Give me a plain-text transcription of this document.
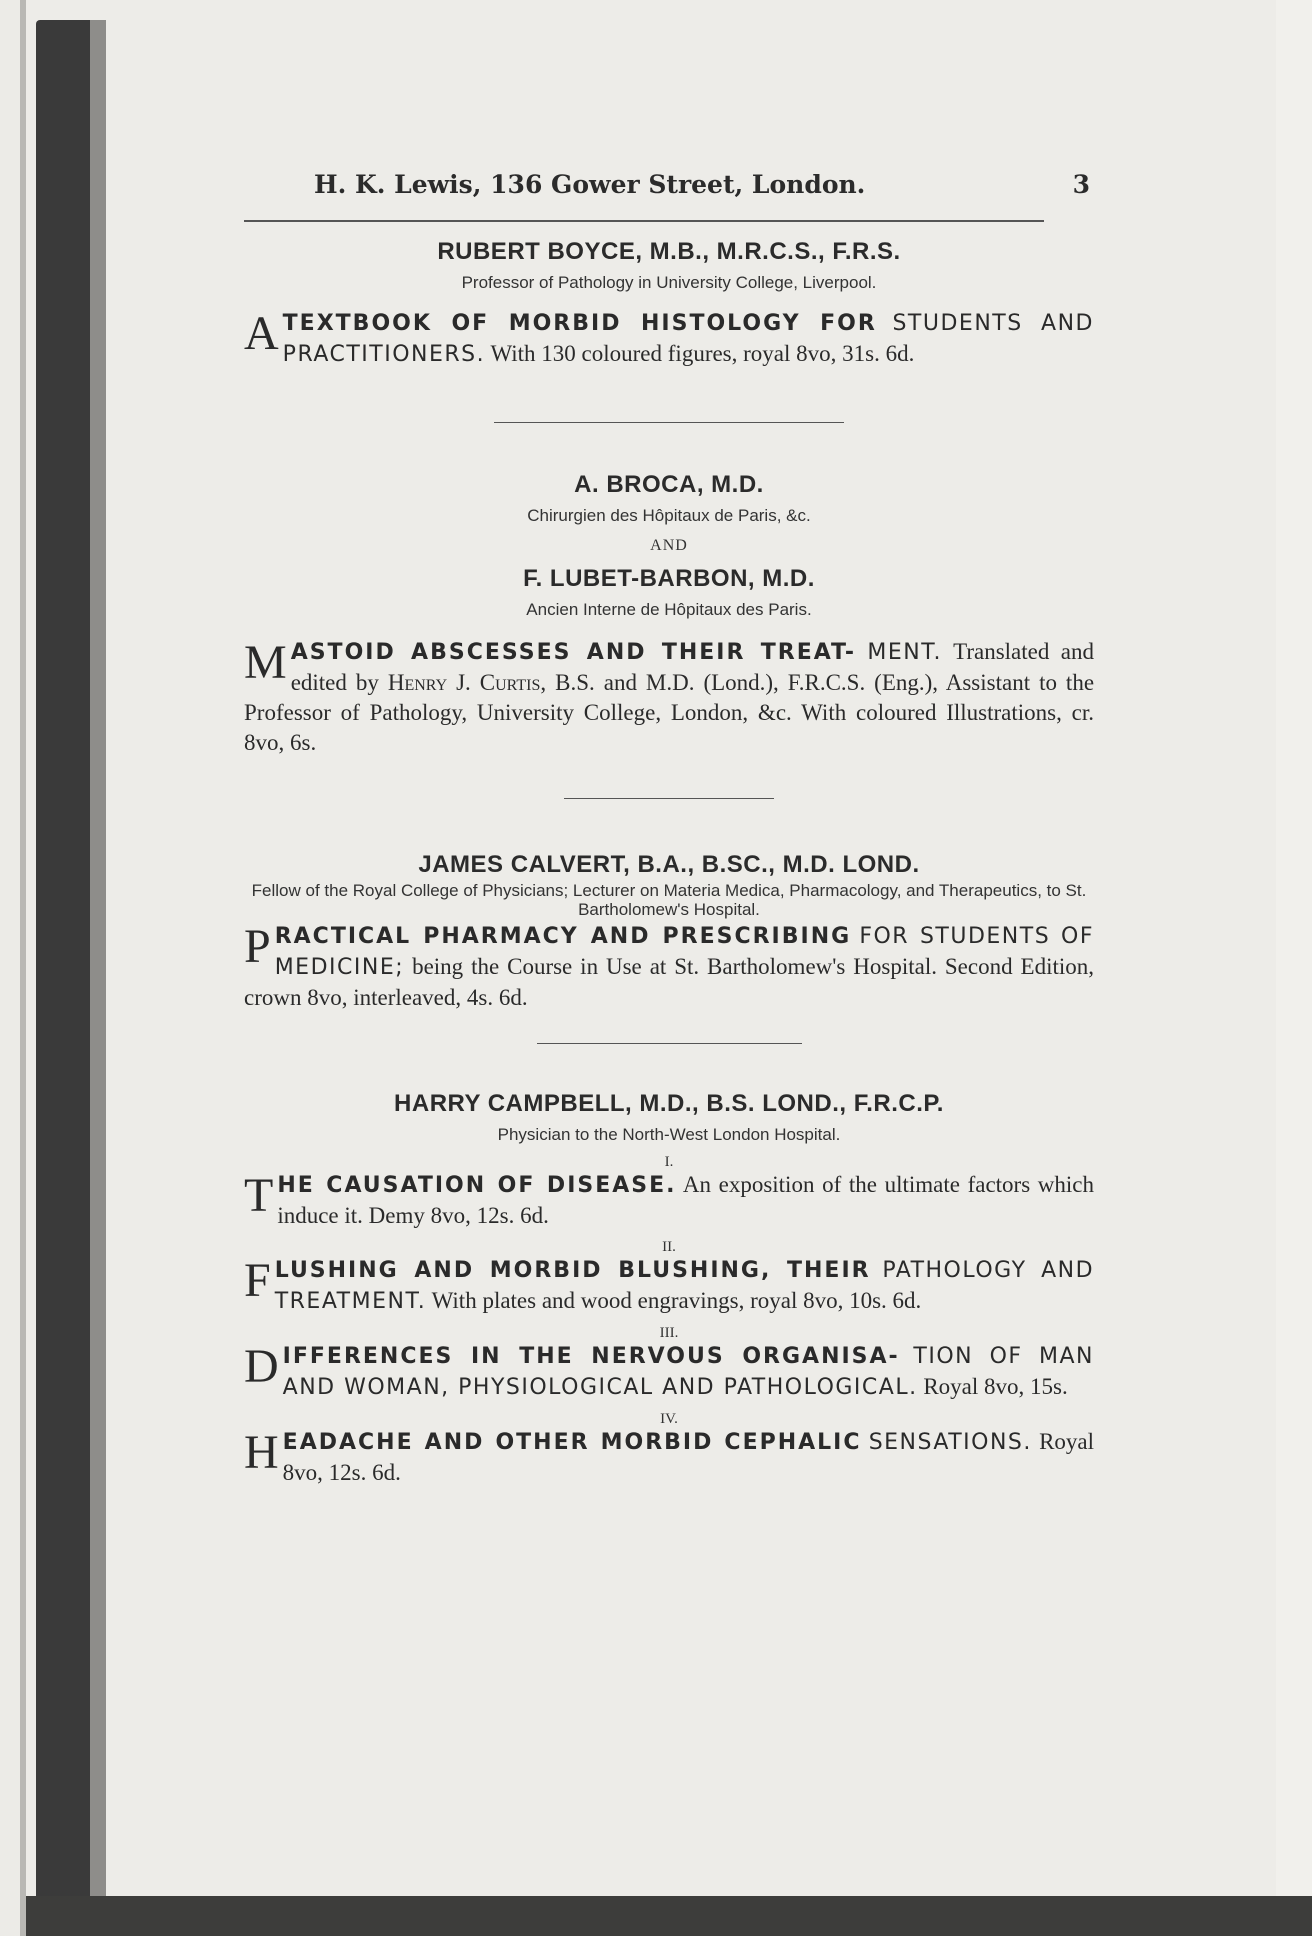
H. K. Lewis, 136 Gower Street, London.	3

RUBERT BOYCE, M.B., M.R.C.S., F.R.S.

Professor of Pathology in University College, Liverpool.

A TEXTBOOK OF MORBID HISTOLOGY FOR STUDENTS AND PRACTITIONERS. With 130 coloured figures, royal 8vo, 31s. 6d.

A. BROCA, M.D.

Chirurgien des Hôpitaux de Paris, &c.

AND

F. LUBET-BARBON, M.D.

Ancien Interne de Hôpitaux des Paris.

M ASTOID ABSCESSES AND THEIR TREAT- MENT. Translated and edited by Henry J. Curtis, B.S. and M.D. (Lond.), F.R.C.S. (Eng.), Assistant to the Professor of Pathology, University College, London, &c. With coloured Illustrations, cr. 8vo, 6s.

JAMES CALVERT, B.A., B.SC., M.D. LOND.

Fellow of the Royal College of Physicians; Lecturer on Materia Medica, Pharmacology, and Therapeutics, to St. Bartholomew's Hospital.

P RACTICAL PHARMACY AND PRESCRIBING FOR STUDENTS OF MEDICINE; being the Course in Use at St. Bartholomew's Hospital. Second Edition, crown 8vo, interleaved, 4s. 6d.

HARRY CAMPBELL, M.D., B.S. LOND., F.R.C.P.

Physician to the North-West London Hospital.

I.

T HE CAUSATION OF DISEASE. An exposition of the ultimate factors which induce it. Demy 8vo, 12s. 6d.

II.

F LUSHING AND MORBID BLUSHING, THEIR PATHOLOGY AND TREATMENT. With plates and wood engravings, royal 8vo, 10s. 6d.

III.

D IFFERENCES IN THE NERVOUS ORGANISA- TION OF MAN AND WOMAN, PHYSIOLOGICAL AND PATHOLOGICAL. Royal 8vo, 15s.

IV.

H EADACHE AND OTHER MORBID CEPHALIC SENSATIONS. Royal 8vo, 12s. 6d.
